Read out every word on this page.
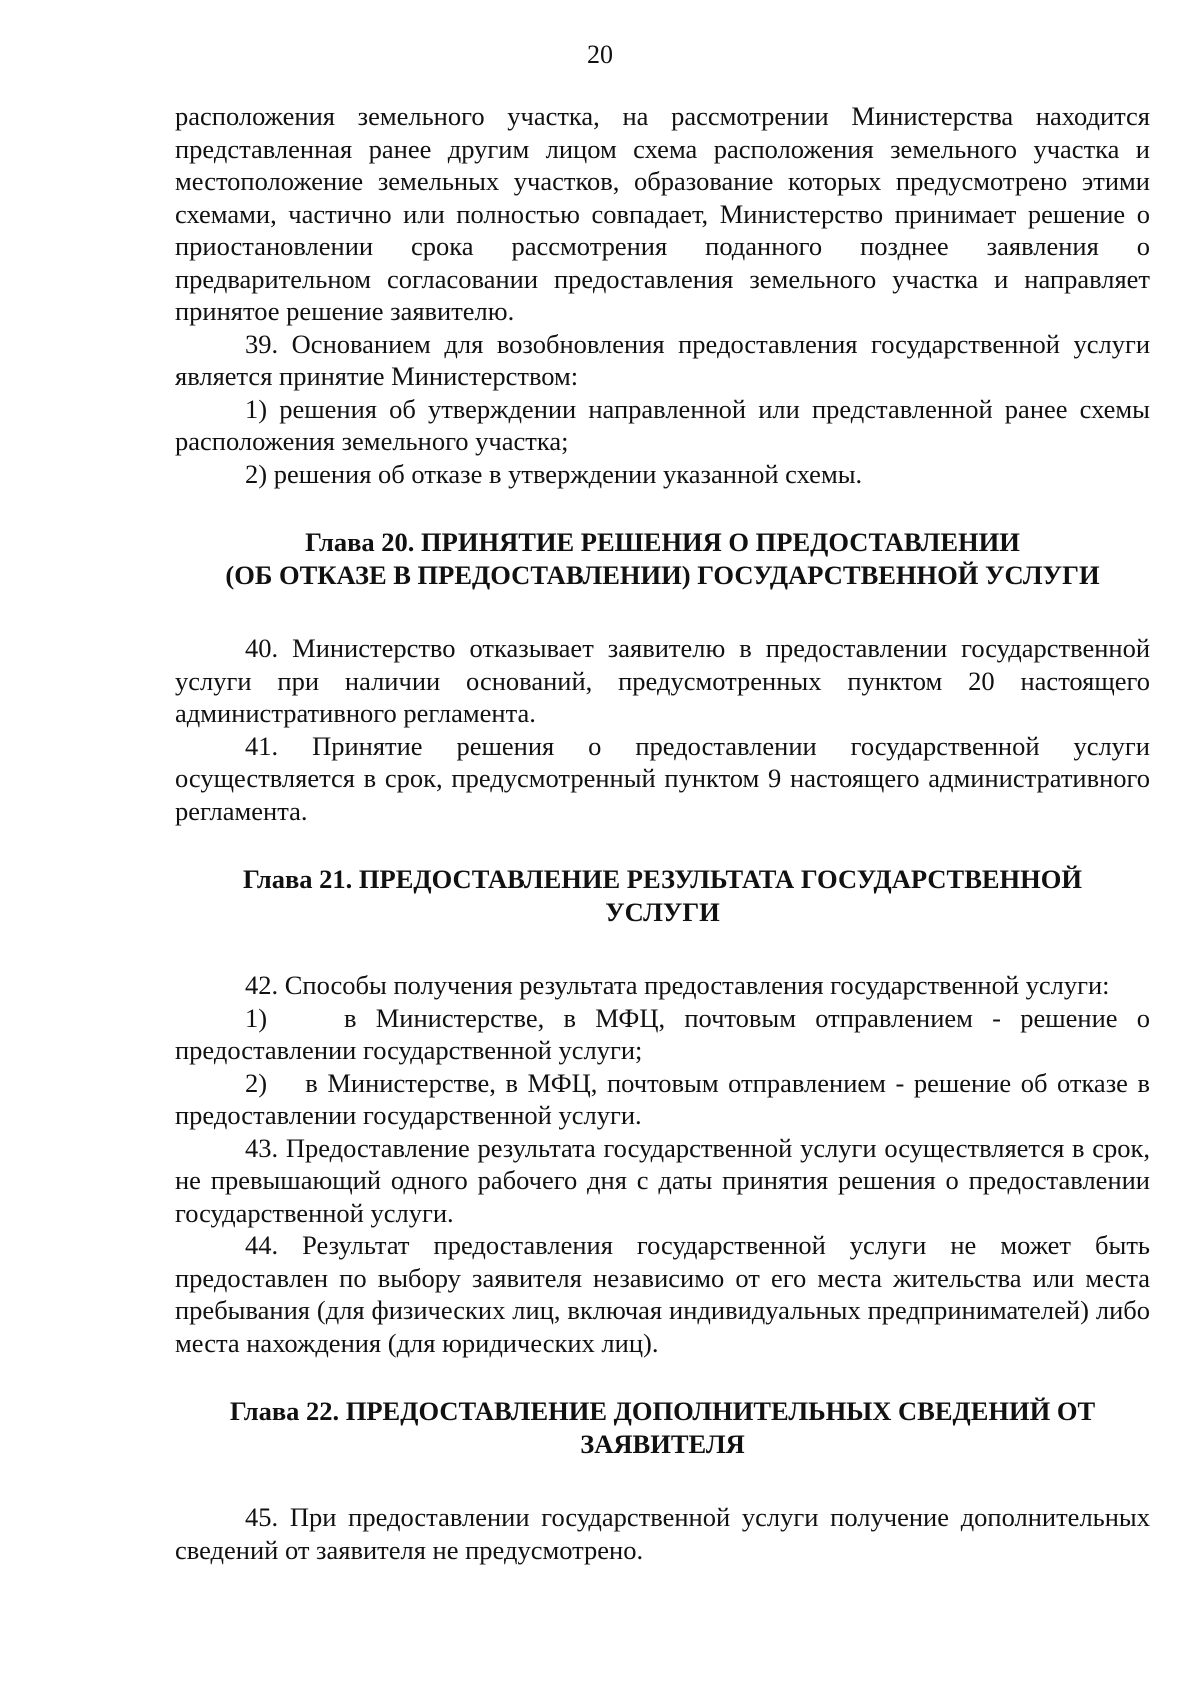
20

расположения земельного участка, на рассмотрении Министерства находится представленная ранее другим лицом схема расположения земельного участка и местоположение земельных участков, образование которых предусмотрено этими схемами, частично или полностью совпадает, Министерство принимает решение о приостановлении срока рассмотрения поданного позднее заявления о предварительном согласовании предоставления земельного участка и направляет принятое решение заявителю.

39. Основанием для возобновления предоставления государственной услуги является принятие Министерством:

1) решения об утверждении направленной или представленной ранее схемы расположения земельного участка;

2) решения об отказе в утверждении указанной схемы.

Глава 20. ПРИНЯТИЕ РЕШЕНИЯ О ПРЕДОСТАВЛЕНИИ
(ОБ ОТКАЗЕ В ПРЕДОСТАВЛЕНИИ) ГОСУДАРСТВЕННОЙ УСЛУГИ

40. Министерство отказывает заявителю в предоставлении государственной услуги при наличии оснований, предусмотренных пунктом 20 настоящего административного регламента.

41. Принятие решения о предоставлении государственной услуги осуществляется в срок, предусмотренный пунктом 9 настоящего административного регламента.

Глава 21. ПРЕДОСТАВЛЕНИЕ РЕЗУЛЬТАТА ГОСУДАРСТВЕННОЙ
УСЛУГИ

42. Способы получения результата предоставления государственной услуги:

1)    в Министерстве, в МФЦ, почтовым отправлением - решение о предоставлении государственной услуги;

2)    в Министерстве, в МФЦ, почтовым отправлением - решение об отказе в предоставлении государственной услуги.

43. Предоставление результата государственной услуги осуществляется в срок, не превышающий одного рабочего дня с даты принятия решения о предоставлении государственной услуги.

44. Результат предоставления государственной услуги не может быть предоставлен по выбору заявителя независимо от его места жительства или места пребывания (для физических лиц, включая индивидуальных предпринимателей) либо места нахождения (для юридических лиц).

Глава 22. ПРЕДОСТАВЛЕНИЕ ДОПОЛНИТЕЛЬНЫХ СВЕДЕНИЙ ОТ
ЗАЯВИТЕЛЯ

45. При предоставлении государственной услуги получение дополнительных сведений от заявителя не предусмотрено.
